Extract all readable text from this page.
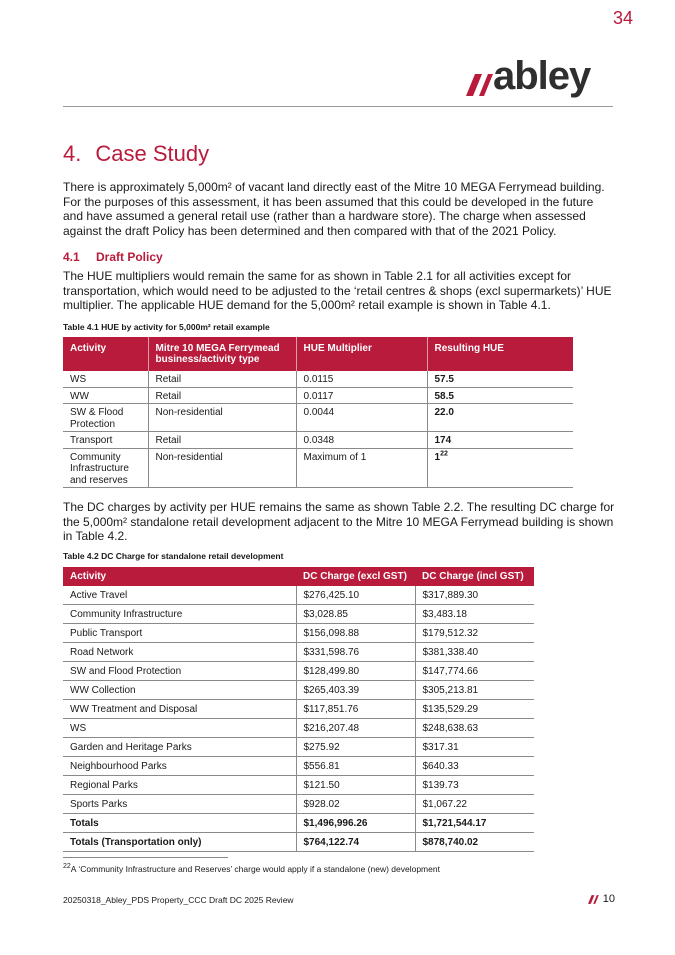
34
abley
4. Case Study

There is approximately 5,000m² of vacant land directly east of the Mitre 10 MEGA Ferrymead building. For the purposes of this assessment, it has been assumed that this could be developed in the future and have assumed a general retail use (rather than a hardware store). The charge when assessed against the draft Policy has been determined and then compared with that of the 2021 Policy.

4.1 Draft Policy

The HUE multipliers would remain the same for as shown in Table 2.1 for all activities except for transportation, which would need to be adjusted to the ‘retail centres & shops (excl supermarkets)’ HUE multiplier. The applicable HUE demand for the 5,000m² retail example is shown in Table 4.1.

Table 4.1 HUE by activity for 5,000m² retail example
Activity	Mitre 10 MEGA Ferrymead business/activity type	HUE Multiplier	Resulting HUE
WS	Retail	0.0115	57.5
WW	Retail	0.0117	58.5
SW & Flood Protection	Non-residential	0.0044	22.0
Transport	Retail	0.0348	174
Community Infrastructure and reserves	Non-residential	Maximum of 1	$1^{22}$

The DC charges by activity per HUE remains the same as shown Table 2.2. The resulting DC charge for the 5,000m² standalone retail development adjacent to the Mitre 10 MEGA Ferrymead building is shown in Table 4.2.

Table 4.2 DC Charge for standalone retail development
Activity	DC Charge (excl GST)	DC Charge (incl GST)
Active Travel	$276,425.10	$317,889.30
Community Infrastructure	$3,028.85	$3,483.18
Public Transport	$156,098.88	$179,512.32
Road Network	$331,598.76	$381,338.40
SW and Flood Protection	$128,499.80	$147,774.66
WW Collection	$265,403.39	$305,213.81
WW Treatment and Disposal	$117,851.76	$135,529.29
WS	$216,207.48	$248,638.63
Garden and Heritage Parks	$275.92	$317.31
Neighbourhood Parks	$556.81	$640.33
Regional Parks	$121.50	$139.73
Sports Parks	$928.02	$1,067.22
Totals	$1,496,996.26	$1,721,544.17
Totals (Transportation only)	$764,122.74	$878,740.02
$^{22}$A ‘Community Infrastructure and Reserves’ charge would apply if a standalone (new) development
20250318_Abley_PDS Property_CCC Draft DC 2025 Review	10
